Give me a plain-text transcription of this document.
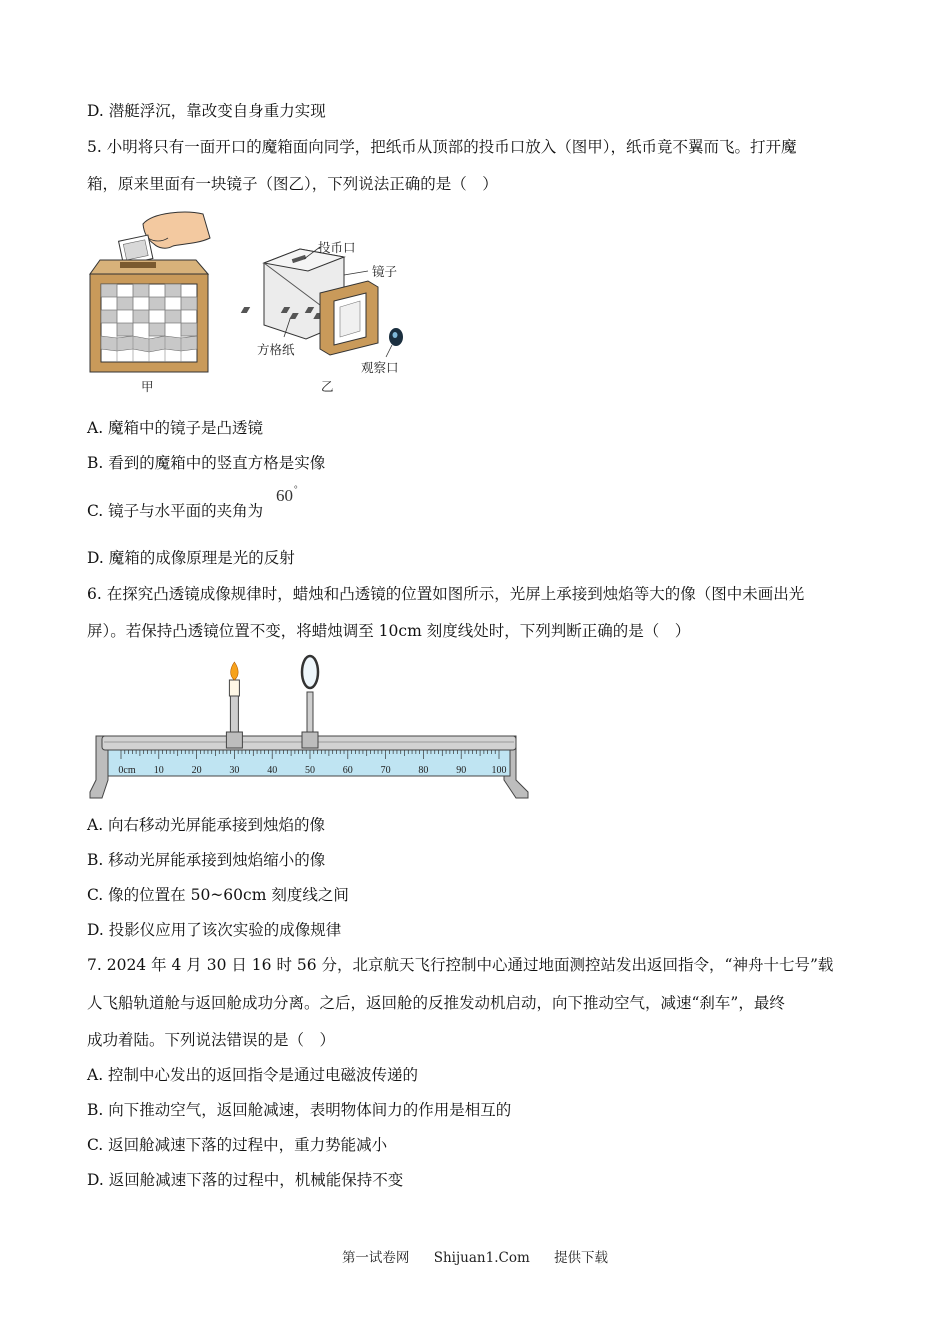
D. 潜艇浮沉，靠改变自身重力实现
5. 小明将只有一面开口的魔箱面向同学，把纸币从顶部的投币口放入（图甲），纸币竟不翼而飞。打开魔
箱，原来里面有一块镜子（图乙），下列说法正确的是（　）
甲
投币口
镜子
方格纸
观察口
乙
A. 魔箱中的镜子是凸透镜
B. 看到的魔箱中的竖直方格是实像
C. 镜子与水平面的夹角为
60°
D. 魔箱的成像原理是光的反射
6. 在探究凸透镜成像规律时，蜡烛和凸透镜的位置如图所示，光屏上承接到烛焰等大的像（图中未画出光
屏）。若保持凸透镜位置不变，将蜡烛调至 10cm 刻度线处时，下列判断正确的是（　）
0cm 10	20	30	40	50	60	70	80	90	100
A. 向右移动光屏能承接到烛焰的像
B. 移动光屏能承接到烛焰缩小的像
C. 像的位置在 50~60cm 刻度线之间
D. 投影仪应用了该次实验的成像规律
7. 2024 年 4 月 30 日 16 时 56 分，北京航天飞行控制中心通过地面测控站发出返回指令，“神舟十七号”载
人飞船轨道舱与返回舱成功分离。之后，返回舱的反推发动机启动，向下推动空气，减速“刹车”，最终
成功着陆。下列说法错误的是（　）
A. 控制中心发出的返回指令是通过电磁波传递的
B. 向下推动空气，返回舱减速，表明物体间力的作用是相互的
C. 返回舱减速下落的过程中，重力势能减小
D. 返回舱减速下落的过程中，机械能保持不变
第一试卷网 Shijuan1.Com 提供下载
